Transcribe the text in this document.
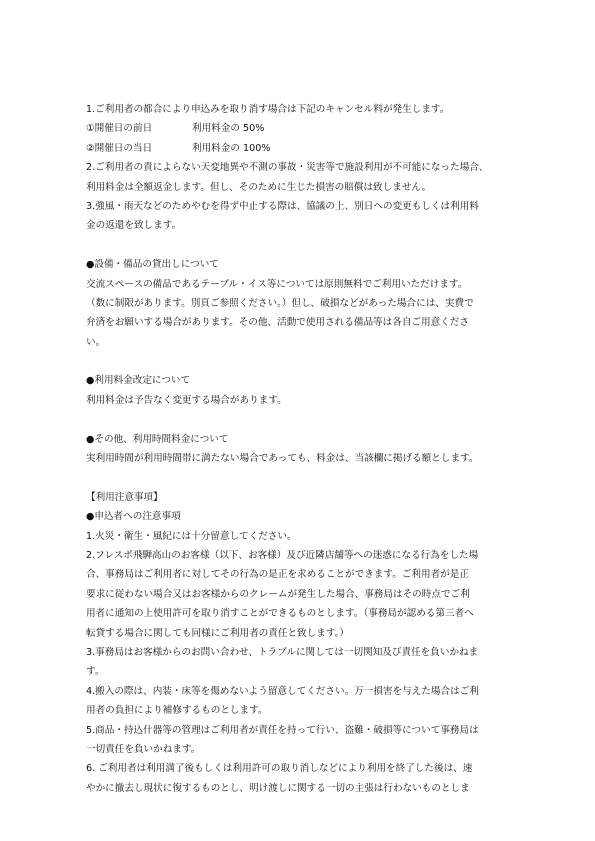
1.ご利用者の都合により申込みを取り消す場合は下記のキャンセル料が発生します。
①開催日の前日	利用料金の 50%
②開催日の当日	利用料金の 100%
2.ご利用者の責によらない天変地異や不測の事故・災害等で施設利用が不可能になった場合、
利用料金は全額返金します。但し、そのために生じた損害の賠償は致しません。
3.強風・雨天などのためやむを得ず中止する際は、協議の上、別日への変更もしくは利用料
金の返還を致します。
●設備・備品の貸出しについて
交流スペースの備品であるテーブル・イス等については原則無料でご利用いただけます。
（数に制限があります。別頁ご参照ください。）但し、破損などがあった場合には、実費で
弁済をお願いする場合があります。その他、活動で使用される備品等は各自ご用意くださ
い。
●利用料金改定について
利用料金は予告なく変更する場合があります。
●その他、利用時間料金について
実利用時間が利用時間帯に満たない場合であっても、料金は、当該欄に掲げる額とします。
【利用注意事項】
●申込者への注意事項
1.火災・衛生・風紀には十分留意してください。
2.フレスポ飛騨高山のお客様（以下、お客様）及び近隣店舗等への迷惑になる行為をした場
合、事務局はご利用者に対してその行為の是正を求めることができます。ご利用者が是正
要求に従わない場合又はお客様からのクレームが発生した場合、事務局はその時点でご利
用者に通知の上使用許可を取り消すことができるものとします。（事務局が認める第三者へ
転貸する場合に関しても同様にご利用者の責任と致します。）
3.事務局はお客様からのお問い合わせ、トラブルに関しては一切関知及び責任を負いかねま
す。
4.搬入の際は、内装・床等を傷めないよう留意してください。万一損害を与えた場合はご利
用者の負担により補修するものとします。
5.商品・持込什器等の管理はご利用者が責任を持って行い、盗難・破損等について事務局は
一切責任を負いかねます。
6. ご利用者は利用満了後もしくは利用許可の取り消しなどにより利用を終了した後は、速
やかに撤去し現状に復するものとし、明け渡しに関する一切の主張は行わないものとしま
